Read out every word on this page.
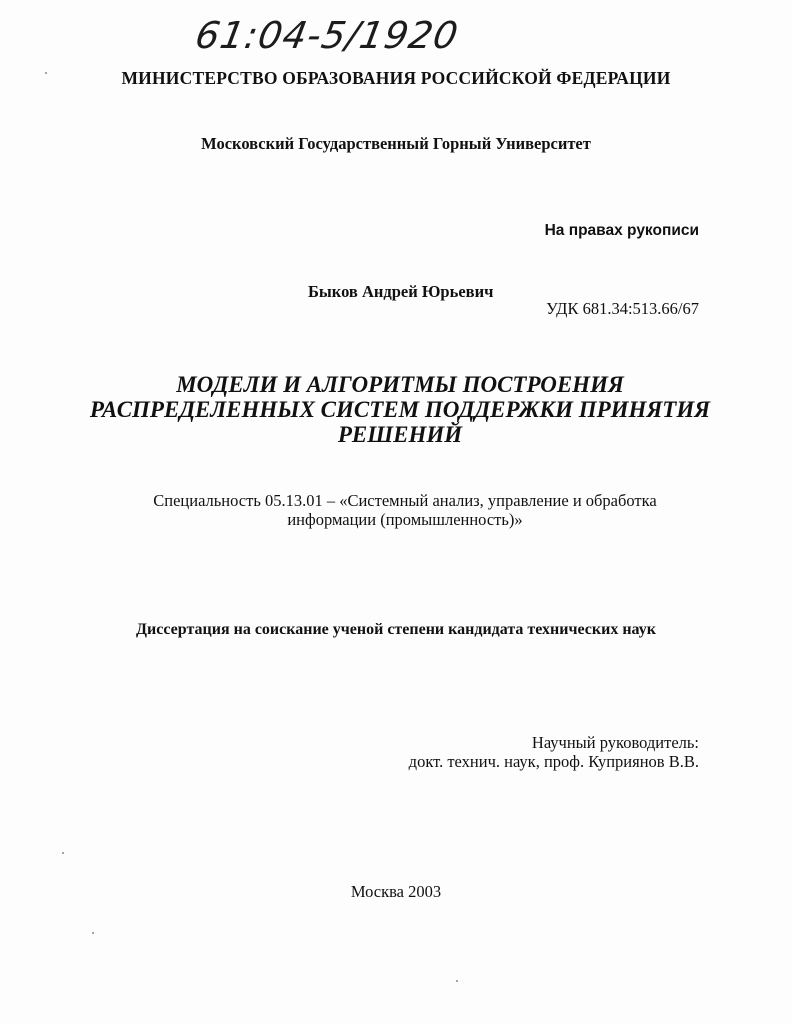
61:04-5/1920
МИНИСТЕРСТВО ОБРАЗОВАНИЯ РОССИЙСКОЙ ФЕДЕРАЦИИ
Московский Государственный Горный Университет
На правах рукописи
Быков Андрей Юрьевич
УДК 681.34:513.66/67
МОДЕЛИ И АЛГОРИТМЫ ПОСТРОЕНИЯ
РАСПРЕДЕЛЕННЫХ СИСТЕМ ПОДДЕРЖКИ ПРИНЯТИЯ
РЕШЕНИЙ
Специальность 05.13.01 – «Системный анализ, управление и обработка
информации (промышленность)»
Диссертация на соискание ученой степени кандидата технических наук
Научный руководитель:
докт. технич. наук, проф. Куприянов В.В.
Москва 2003
